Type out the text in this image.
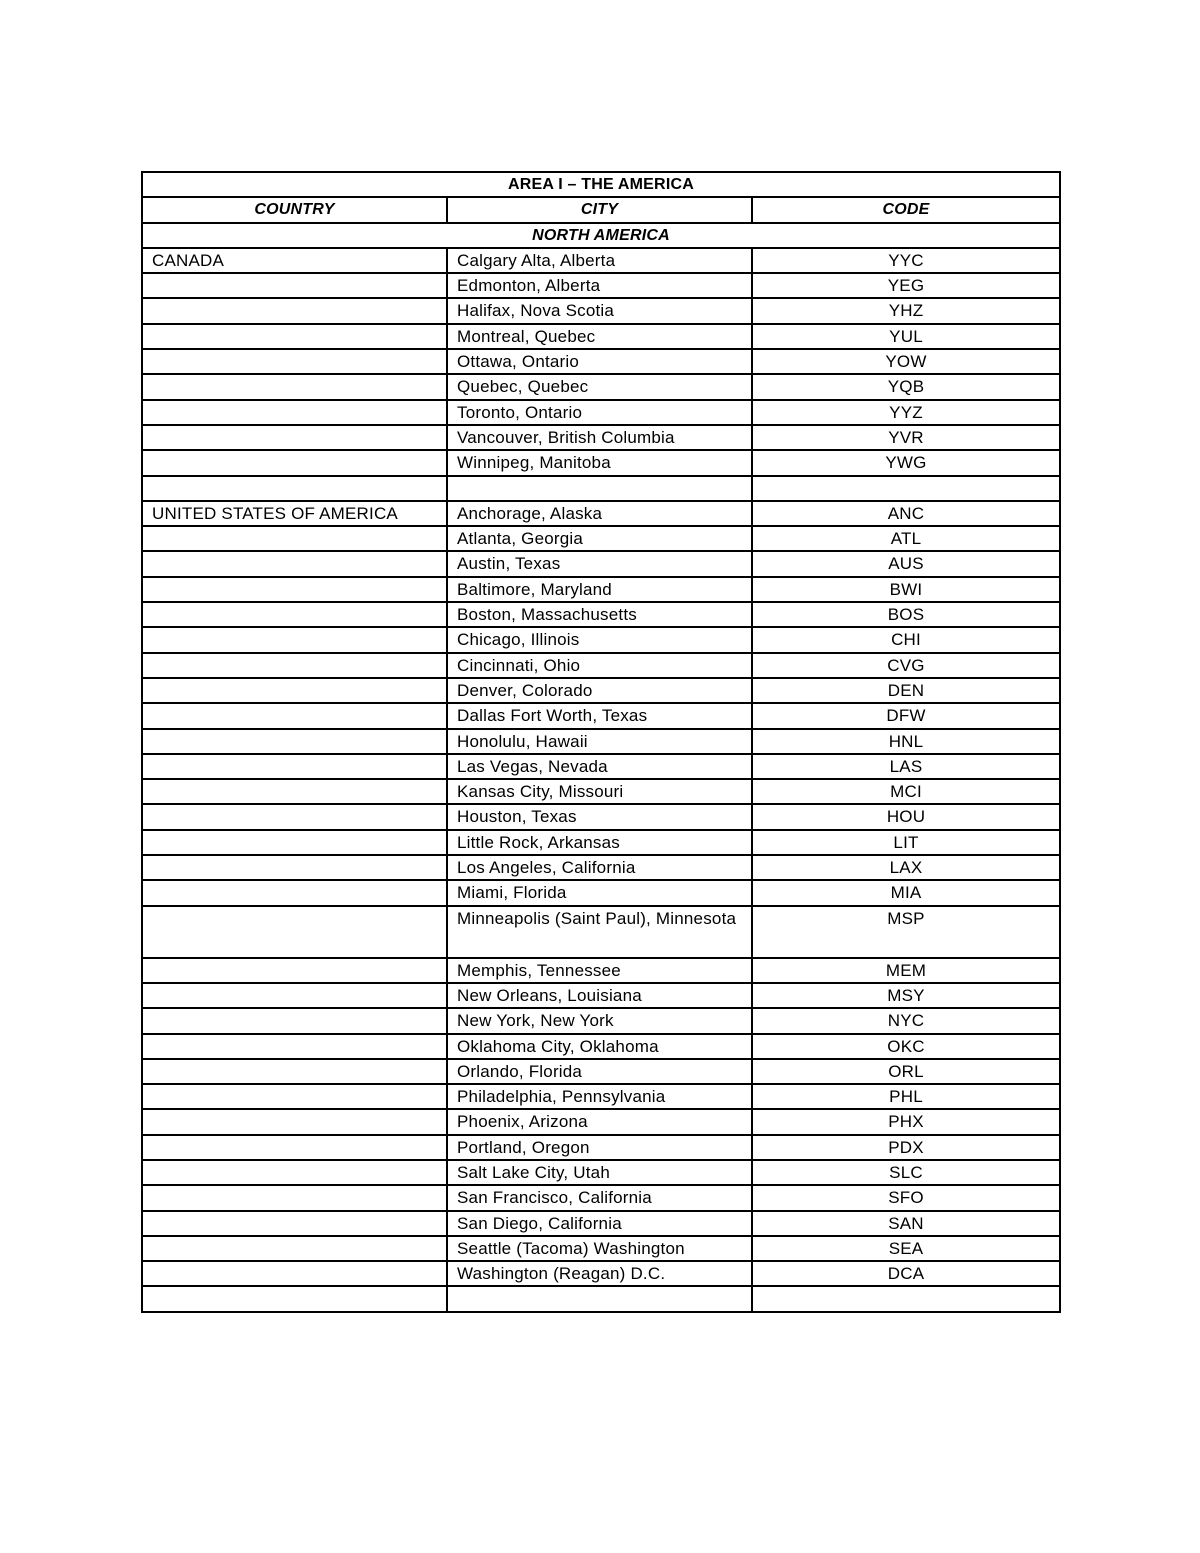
AREA I – THE AMERICA		
COUNTRY	CITY	CODE
NORTH AMERICA		
CANADA	Calgary Alta, Alberta	YYC
	Edmonton, Alberta	YEG
	Halifax, Nova Scotia	YHZ
	Montreal, Quebec	YUL
	Ottawa, Ontario	YOW
	Quebec, Quebec	YQB
	Toronto, Ontario	YYZ
	Vancouver, British Columbia	YVR
	Winnipeg, Manitoba	YWG

UNITED STATES OF AMERICA	Anchorage, Alaska	ANC
	Atlanta, Georgia	ATL
	Austin, Texas	AUS
	Baltimore, Maryland	BWI
	Boston, Massachusetts	BOS
	Chicago, Illinois	CHI
	Cincinnati, Ohio	CVG
	Denver, Colorado	DEN
	Dallas Fort Worth, Texas	DFW
	Honolulu, Hawaii	HNL
	Las Vegas, Nevada	LAS
	Kansas City, Missouri	MCI
	Houston, Texas	HOU
	Little Rock, Arkansas	LIT
	Los Angeles, California	LAX
	Miami, Florida	MIA
	Minneapolis (Saint Paul), Minnesota	MSP
	Memphis, Tennessee	MEM
	New Orleans, Louisiana	MSY
	New York, New York	NYC
	Oklahoma City, Oklahoma	OKC
	Orlando, Florida	ORL
	Philadelphia, Pennsylvania	PHL
	Phoenix, Arizona	PHX
	Portland, Oregon	PDX
	Salt Lake City, Utah	SLC
	San Francisco, California	SFO
	San Diego, California	SAN
	Seattle (Tacoma) Washington	SEA
	Washington (Reagan) D.C.	DCA
